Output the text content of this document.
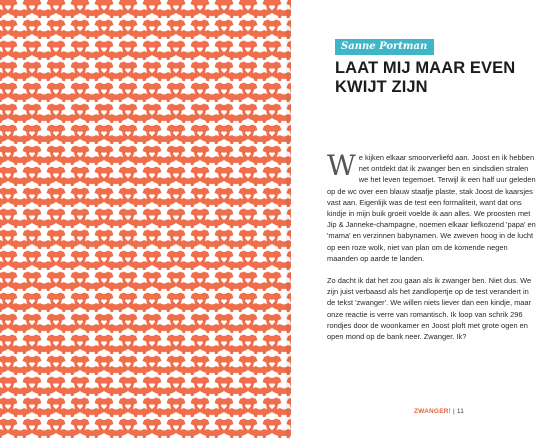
Sanne Portman
LAAT MIJ MAAR EVEN KWIJT ZIJN

We kijken elkaar smoorverliefd aan. Joost en ik hebben net ontdekt dat ik zwanger ben en sindsdien stralen we het leven tegemoet. Terwijl ik een half uur geleden op de wc over een blauw staafje plaste, stak Joost de kaarsjes vast aan. Eigenlijk was de test een formaliteit, want dat ons kindje in mijn buik groeit voelde ik aan alles. We proosten met Jip & Janneke-champagne, noemen elkaar liefkozend 'papa' en 'mama' en verzinnen babynamen. We zweven hoog in de lucht op een roze wolk, niet van plan om de komende negen maanden op aarde te landen.

Zo dacht ik dat het zou gaan als ik zwanger ben. Niet dus. We zijn juist verbaasd als het zandlopertje op de test verandert in de tekst 'zwanger'. We willen niets liever dan een kindje, maar onze reactie is verre van romantisch. Ik loop van schrik 296 rondjes door de woonkamer en Joost ploft met grote ogen en open mond op de bank neer. Zwanger. Ik?

ZWANGER! | 11
